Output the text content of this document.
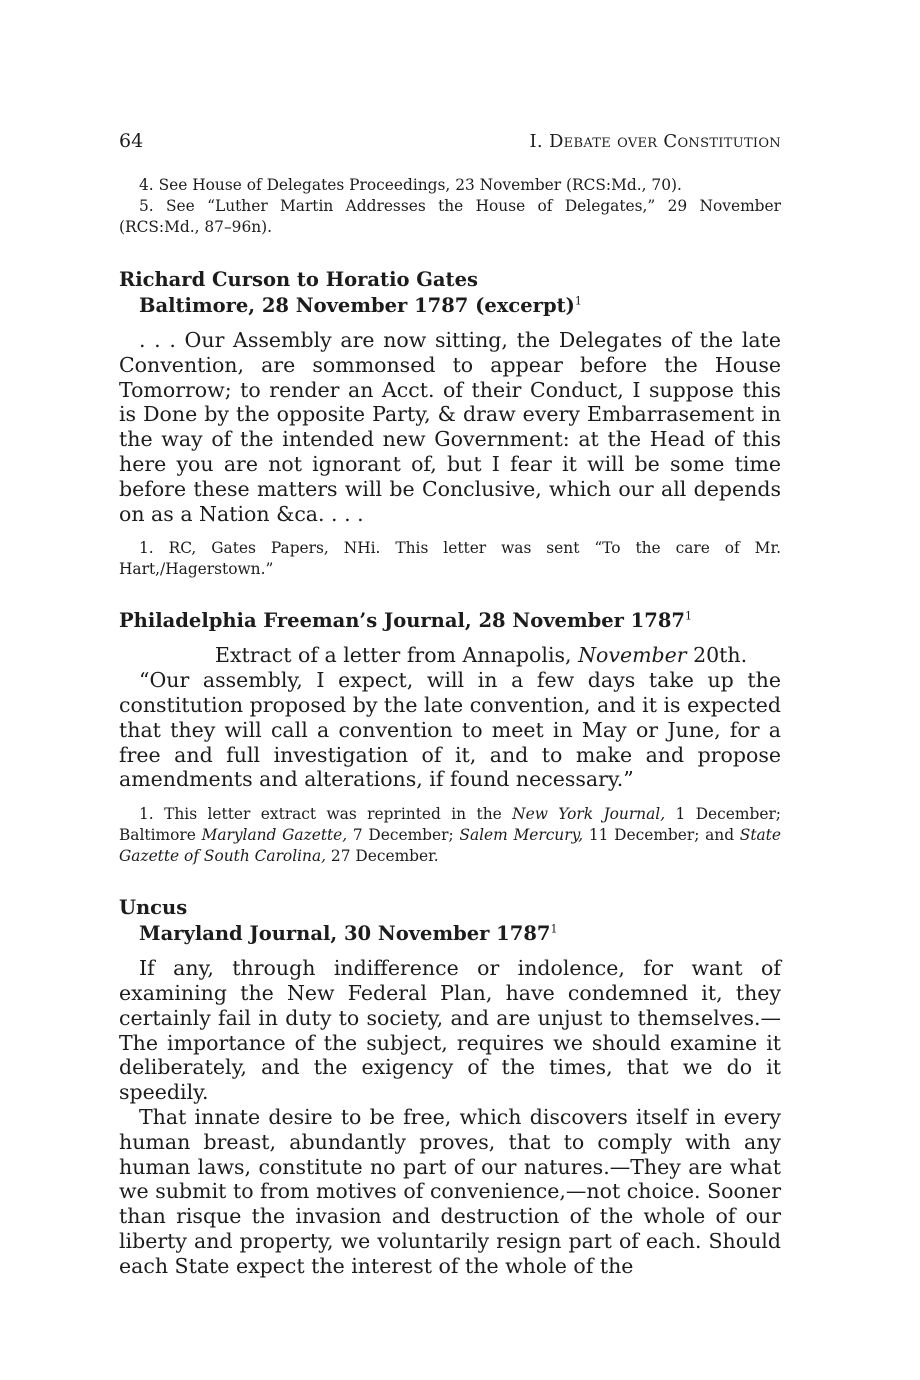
64	I. Debate over Constitution

4. See House of Delegates Proceedings, 23 November (RCS:Md., 70).

5. See “Luther Martin Addresses the House of Delegates,” 29 November (RCS:Md., 87–96n).

Richard Curson to Horatio Gates

Baltimore, 28 November 1787 (excerpt)$^1$

. . . Our Assembly are now sitting, the Delegates of the late Convention, are sommonsed to appear before the House Tomorrow; to render an Acct. of their Conduct, I suppose this is Done by the opposite Party, & draw every Embarrasement in the way of the intended new Government: at the Head of this here you are not ignorant of, but I fear it will be some time before these matters will be Conclusive, which our all depends on as a Nation &ca. . . .

1. RC, Gates Papers, NHi. This letter was sent “To the care of Mr. Hart,/Hagerstown.”

Philadelphia Freeman’s Journal, 28 November 1787$^1$

Extract of a letter from Annapolis, November 20th.

“Our assembly, I expect, will in a few days take up the constitution proposed by the late convention, and it is expected that they will call a convention to meet in May or June, for a free and full investigation of it, and to make and propose amendments and alterations, if found necessary.”

1. This letter extract was reprinted in the New York Journal, 1 December; Baltimore Maryland Gazette, 7 December; Salem Mercury, 11 December; and State Gazette of South Carolina, 27 December.

Uncus

Maryland Journal, 30 November 1787$^1$

If any, through indifference or indolence, for want of examining the New Federal Plan, have condemned it, they certainly fail in duty to society, and are unjust to themselves.—The importance of the subject, requires we should examine it deliberately, and the exigency of the times, that we do it speedily.

That innate desire to be free, which discovers itself in every human breast, abundantly proves, that to comply with any human laws, constitute no part of our natures.—They are what we submit to from motives of convenience,—not choice. Sooner than risque the invasion and destruction of the whole of our liberty and property, we voluntarily resign part of each. Should each State expect the interest of the whole of the
